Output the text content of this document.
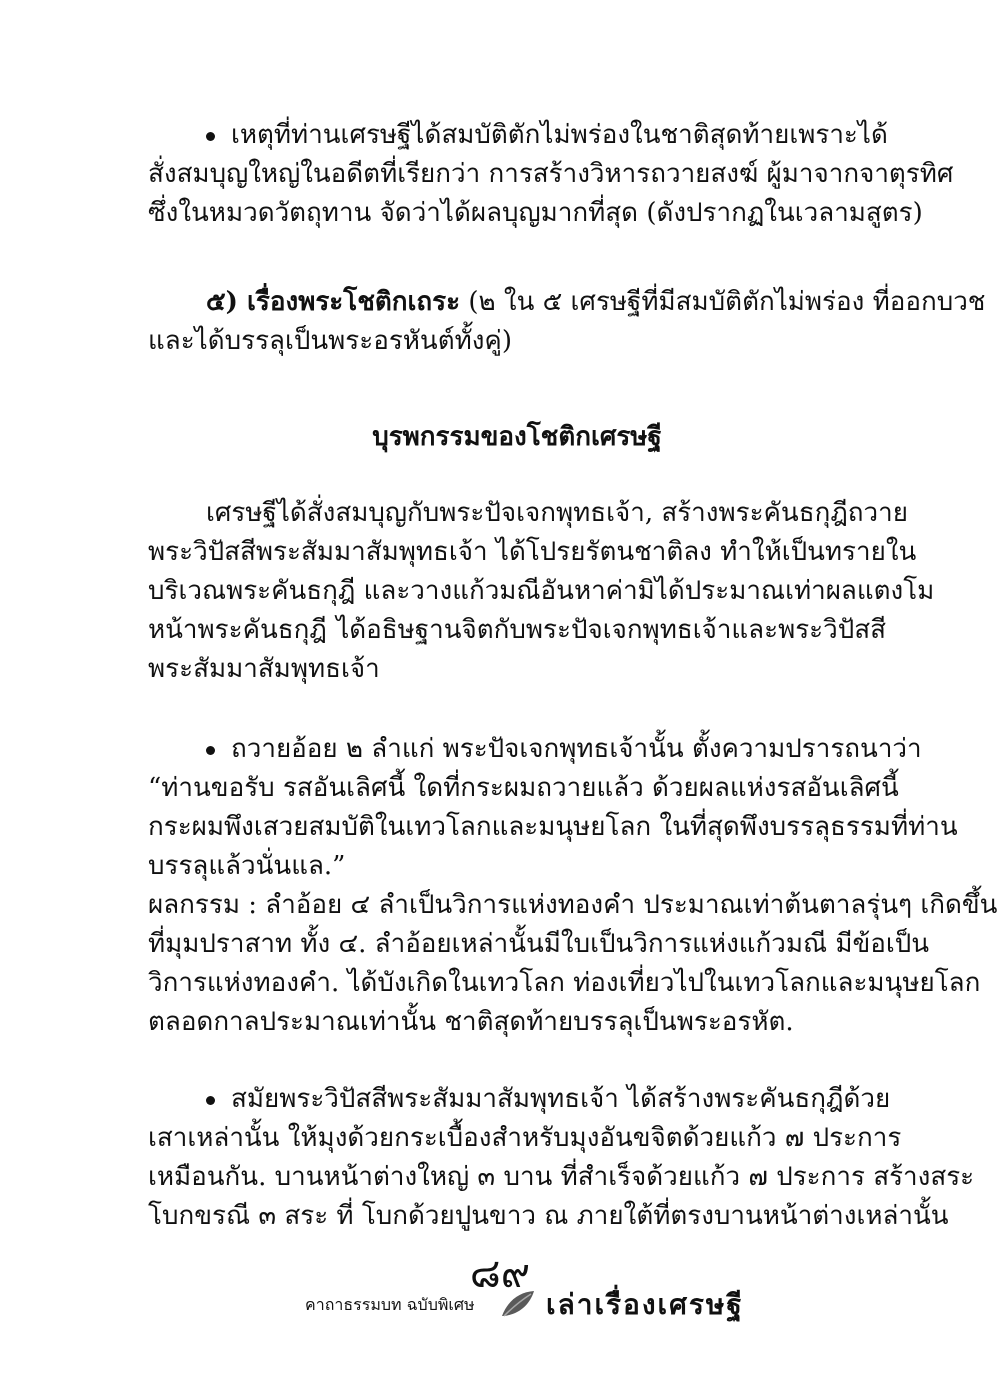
เหตุที่ท่านเศรษฐีได้สมบัติตักไม่พร่องในชาติสุดท้ายเพราะได้
สั่งสมบุญใหญ่ในอดีตที่เรียกว่า การสร้างวิหารถวายสงฆ์ ผู้มาจากจาตุรทิศ
ซึ่งในหมวดวัตถุทาน จัดว่าได้ผลบุญมากที่สุด (ดังปรากฏในเวลามสูตร)
๕) เรื่องพระโชติกเถระ (๒ ใน ๕ เศรษฐีที่มีสมบัติตักไม่พร่อง ที่ออกบวช
และได้บรรลุเป็นพระอรหันต์ทั้งคู่)
บุรพกรรมของโชติกเศรษฐี
เศรษฐีได้สั่งสมบุญกับพระปัจเจกพุทธเจ้า, สร้างพระคันธกุฎีถวาย
พระวิปัสสีพระสัมมาสัมพุทธเจ้า ได้โปรยรัตนชาติลง ทำให้เป็นทรายใน
บริเวณพระคันธกุฎี และวางแก้วมณีอันหาค่ามิได้ประมาณเท่าผลแตงโม
หน้าพระคันธกุฎี ได้อธิษฐานจิตกับพระปัจเจกพุทธเจ้าและพระวิปัสสี
พระสัมมาสัมพุทธเจ้า
ถวายอ้อย ๒ ลำแก่ พระปัจเจกพุทธเจ้านั้น ตั้งความปรารถนาว่า
“ท่านขอรับ รสอันเลิศนี้ ใดที่กระผมถวายแล้ว ด้วยผลแห่งรสอันเลิศนี้
กระผมพึงเสวยสมบัติในเทวโลกและมนุษยโลก ในที่สุดพึงบรรลุธรรมที่ท่าน
บรรลุแล้วนั่นแล.”
ผลกรรม : ลำอ้อย ๔ ลำเป็นวิการแห่งทองคำ ประมาณเท่าต้นตาลรุ่นๆ เกิดขึ้น
ที่มุมปราสาท ทั้ง ๔. ลำอ้อยเหล่านั้นมีใบเป็นวิการแห่งแก้วมณี มีข้อเป็น
วิการแห่งทองคำ. ได้บังเกิดในเทวโลก ท่องเที่ยวไปในเทวโลกและมนุษยโลก
ตลอดกาลประมาณเท่านั้น ชาติสุดท้ายบรรลุเป็นพระอรหัต.
สมัยพระวิปัสสีพระสัมมาสัมพุทธเจ้า ได้สร้างพระคันธกุฎีด้วย
เสาเหล่านั้น ให้มุงด้วยกระเบื้องสำหรับมุงอันขจิตด้วยแก้ว ๗ ประการ
เหมือนกัน. บานหน้าต่างใหญ่ ๓ บาน ที่สำเร็จด้วยแก้ว ๗ ประการ สร้างสระ
โบกขรณี ๓ สระ ที่ โบกด้วยปูนขาว ณ ภายใต้ที่ตรงบานหน้าต่างเหล่านั้น
๘๙
คาถาธรรมบท ฉบับพิเศษ	เล่าเรื่องเศรษฐี
